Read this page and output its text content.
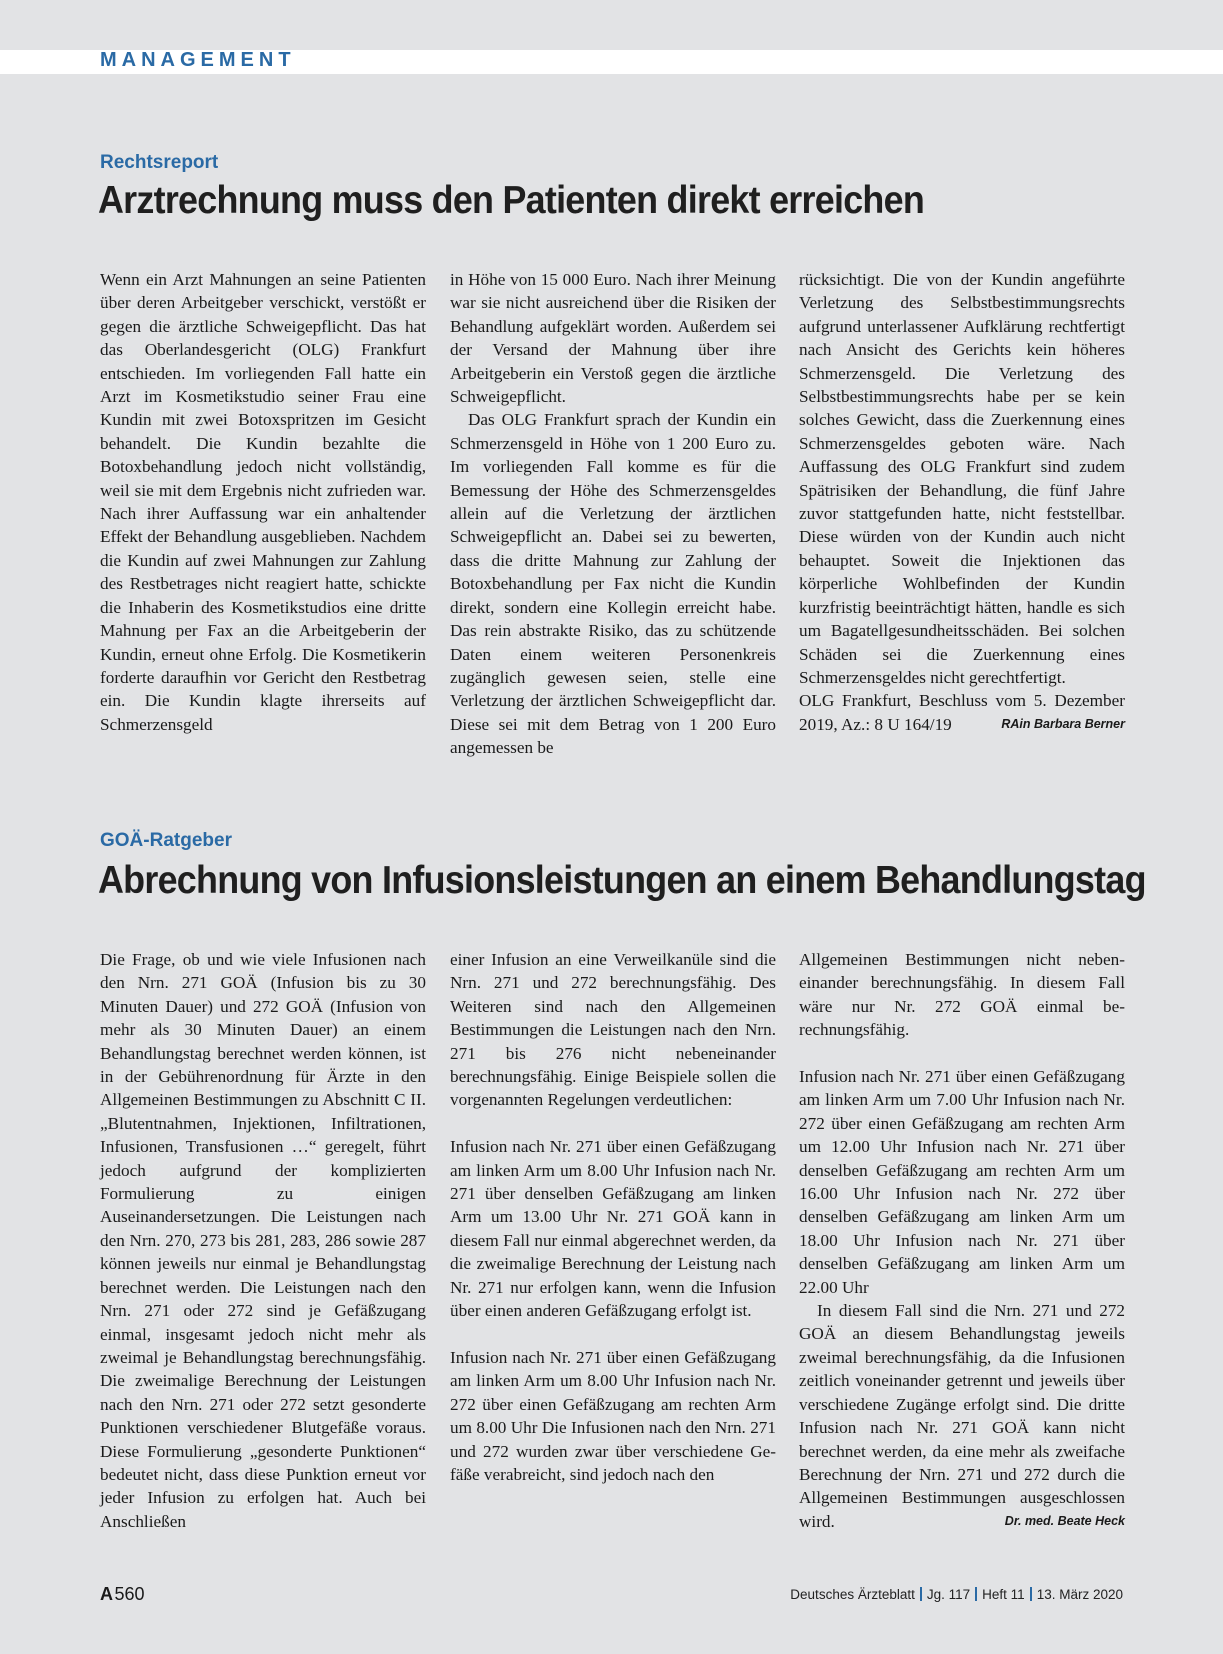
MANAGEMENT
Rechtsreport
Arztrechnung muss den Patienten direkt erreichen

Wenn ein Arzt Mahnungen an seine Patienten über deren Arbeitgeber verschickt, verstößt er gegen die ärztliche Schweigepflicht. Das hat das Oberlandesgericht (OLG) Frankfurt entschieden. Im vorliegenden Fall hatte ein Arzt im Kosmetikstudio seiner Frau eine Kundin mit zwei Botoxspritzen im Gesicht behandelt. Die Kundin bezahlte die Botoxbehandlung jedoch nicht vollständig, weil sie mit dem Ergebnis nicht zufrieden war. Nach ihrer Auffassung war ein anhaltender Effekt der Behandlung ausgeblieben. Nachdem die Kundin auf zwei Mahnungen zur Zahlung des Restbetrages nicht reagiert hatte, schickte die Inhaberin des Kosmetikstudios eine dritte Mahnung per Fax an die Arbeitgeberin der Kundin, erneut ohne Erfolg. Die Kosmetikerin forderte daraufhin vor Gericht den Restbetrag ein. Die Kundin klagte ihrerseits auf Schmerzensgeld

in Höhe von 15 000 Euro. Nach ihrer Meinung war sie nicht ausreichend über die Risiken der Behandlung aufgeklärt worden. Außerdem sei der Versand der Mahnung über ihre Arbeitgeberin ein Verstoß gegen die ärztliche Schweigepflicht.

Das OLG Frankfurt sprach der Kundin ein Schmerzensgeld in Höhe von 1 200 Euro zu. Im vorliegenden Fall komme es für die Bemessung der Höhe des Schmerzensgeldes allein auf die Verletzung der ärztlichen Schweigepflicht an. Dabei sei zu bewerten, dass die dritte Mahnung zur Zahlung der Botoxbehandlung per Fax nicht die Kundin direkt, sondern eine Kollegin erreicht habe. Das rein abstrakte Risiko, das zu schützende Daten einem weiteren Personenkreis zugänglich gewesen seien, stelle eine Verletzung der ärztlichen Schweigepflicht dar. Diese sei mit dem Betrag von 1 200 Euro angemessen be

rücksichtigt. Die von der Kundin angeführte Verletzung des Selbstbestimmungsrechts aufgrund unterlassener Aufklärung rechtfertigt nach Ansicht des Gerichts kein höheres Schmerzensgeld. Die Verletzung des Selbstbestimmungsrechts habe per se kein solches Gewicht, dass die Zuerkennung eines Schmerzensgeldes geboten wäre. Nach Auffassung des OLG Frankfurt sind zudem Spätrisiken der Behandlung, die fünf Jahre zuvor stattgefunden hatte, nicht feststellbar. Diese würden von der Kundin auch nicht behauptet. Soweit die Injektionen das körperliche Wohlbefinden der Kundin kurzfristig beeinträchtigt hätten, handle es sich um Bagatellgesundheitsschäden. Bei solchen Schäden sei die Zuerkennung eines Schmerzensgeldes nicht gerechtfertigt.

OLG Frankfurt, Beschluss vom 5. Dezember 2019, Az.: 8 U 164/19	RAin Barbara Berner

GOÄ-Ratgeber
Abrechnung von Infusionsleistungen an einem Behandlungstag

Die Frage, ob und wie viele Infusionen nach den Nrn. 271 GOÄ (Infusion bis zu 30 Minuten Dauer) und 272 GOÄ (Infusion von mehr als 30 Minuten Dauer) an einem Behandlungstag berechnet werden können, ist in der Gebührenordnung für Ärzte in den Allgemeinen Bestimmungen zu Abschnitt C II. „Blutentnahmen, Injektionen, Infiltrationen, Infusionen, Transfusionen …“ geregelt, führt jedoch aufgrund der komplizierten Formulierung zu einigen Auseinandersetzungen. Die Leistungen nach den Nrn. 270, 273 bis 281, 283, 286 sowie 287 können jeweils nur einmal je Behandlungstag berechnet werden. Die Leistungen nach den Nrn. 271 oder 272 sind je Gefäßzugang einmal, insgesamt jedoch nicht mehr als zweimal je Behandlungstag berechnungsfähig. Die zweimalige Berechnung der Leistungen nach den Nrn. 271 oder 272 setzt gesonderte Punktionen verschiedener Blutgefäße voraus. Diese Formulierung „gesonderte Punktionen“ bedeutet nicht, dass diese Punktion erneut vor jeder Infusion zu erfolgen hat. Auch bei Anschließen

einer Infusion an eine Verweilkanüle sind die Nrn. 271 und 272 berechnungsfähig. Des Weiteren sind nach den Allgemeinen Bestimmungen die Leistungen nach den Nrn. 271 bis 276 nicht nebeneinander berechnungsfähig. Einige Beispiele sollen die vorgenannten Regelungen verdeutlichen:

Infusion nach Nr. 271 über einen Gefäßzugang am linken Arm um 8.00 Uhr Infusion nach Nr. 271 über denselben Gefäßzugang am linken Arm um 13.00 Uhr Nr. 271 GOÄ kann in diesem Fall nur einmal abgerechnet werden, da die zweimalige Berechnung der Leistung nach Nr. 271 nur erfolgen kann, wenn die Infusion über einen anderen Gefäßzugang erfolgt ist.

Infusion nach Nr. 271 über einen Gefäßzugang am linken Arm um 8.00 Uhr Infusion nach Nr. 272 über einen Gefäßzugang am rechten Arm um 8.00 Uhr Die Infusionen nach den Nrn. 271 und 272 wurden zwar über verschiedene Gefäße verabreicht, sind jedoch nach den

Allgemeinen Bestimmungen nicht nebeneinander berechnungsfähig. In diesem Fall wäre nur Nr. 272 GOÄ einmal berechnungsfähig.

Infusion nach Nr. 271 über einen Gefäßzugang am linken Arm um 7.00 Uhr Infusion nach Nr. 272 über einen Gefäßzugang am rechten Arm um 12.00 Uhr Infusion nach Nr. 271 über denselben Gefäßzugang am rechten Arm um 16.00 Uhr Infusion nach Nr. 272 über denselben Gefäßzugang am linken Arm um 18.00 Uhr Infusion nach Nr. 271 über denselben Gefäßzugang am linken Arm um 22.00 Uhr

In diesem Fall sind die Nrn. 271 und 272 GOÄ an diesem Behandlungstag jeweils zweimal berechnungsfähig, da die Infusionen zeitlich voneinander getrennt und jeweils über verschiedene Zugänge erfolgt sind. Die dritte Infusion nach Nr. 271 GOÄ kann nicht berechnet werden, da eine mehr als zweifache Berechnung der Nrn. 271 und 272 durch die Allgemeinen Bestimmungen ausgeschlossen wird.	Dr. med. Beate Heck

A 560	Deutsches Ärzteblatt Jg. 117 Heft 11 13. März 2020
